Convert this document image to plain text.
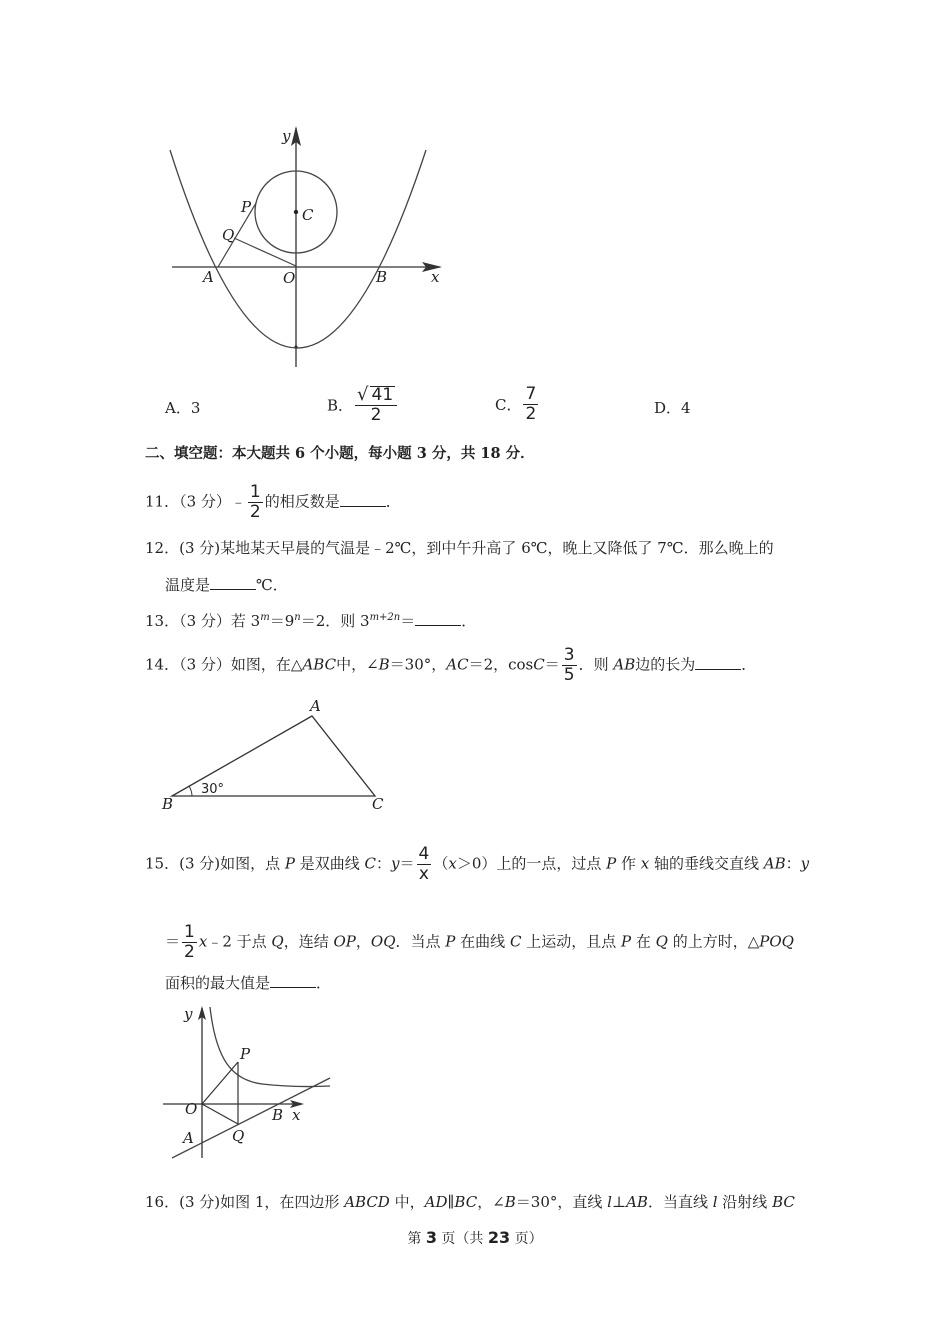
y
x
P
Q
C
A	O	B
A．3	B． $\frac{√ 41}{2}$	C． $\frac{7}{2}$	D．4
二、填空题：本大题共 6 个小题，每小题 3 分，共 18 分．
11．（3 分）﹣ $\frac{1}{2}$ 的相反数是	．
12．(3 分)某地某天早晨的气温是﹣2℃，到中午升高了 6℃，晚上又降低了 7℃．那么晚上的
温度是	℃．
13．（3 分）若 $3^m=9^n=2$．则 $3^{m+2n}=$	．
14．（3 分）如图，在△ABC中，∠B＝30°，AC＝2，$\cos C= \frac{3}{5}$ ．则 AB边的长为	．
A
B	C
30°
15．(3 分)如图，点 P 是双曲线 C：$y= \frac{4}{x} (x>0)$上的一点，过点 P 作 x 轴的垂线交直线 AB：y
＝ $\frac{1}{2}$ x﹣2 于点 Q，连结 OP，OQ．当点 P 在曲线 C 上运动，且点 P 在 Q 的上方时，△POQ
面积的最大值是	．
y
P
O	B x
A	Q
16．(3 分)如图 1，在四边形 ABCD 中，AD∥BC，∠B＝30°，直线 l⊥AB．当直线 l 沿射线 BC
第 3 页（共 23 页）
